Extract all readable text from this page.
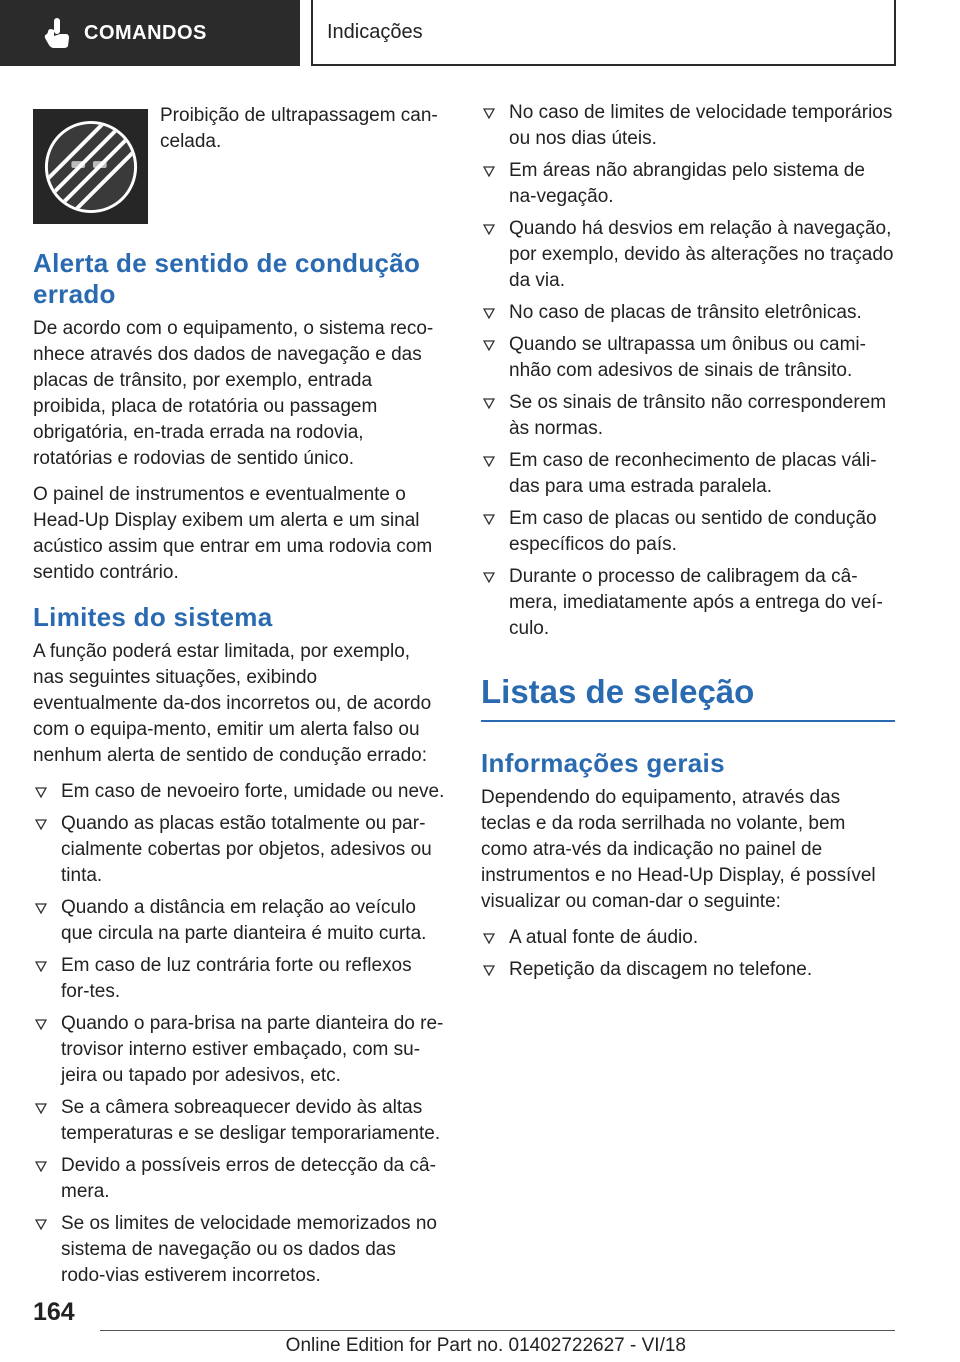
COMANDOS	Indicações
Proibição de ultrapassagem can-celada.
Alerta de sentido de condução errado

De acordo com o equipamento, o sistema reco-nhece através dos dados de navegação e das placas de trânsito, por exemplo, entrada proibida, placa de rotatória ou passagem obrigatória, en-trada errada na rodovia, rotatórias e rodovias de sentido único.

O painel de instrumentos e eventualmente o Head-Up Display exibem um alerta e um sinal acústico assim que entrar em uma rodovia com sentido contrário.

Limites do sistema

A função poderá estar limitada, por exemplo, nas seguintes situações, exibindo eventualmente da-dos incorretos ou, de acordo com o equipa-mento, emitir um alerta falso ou nenhum alerta de sentido de condução errado:

Em caso de nevoeiro forte, umidade ou neve.
Quando as placas estão totalmente ou par-cialmente cobertas por objetos, adesivos ou tinta.
Quando a distância em relação ao veículo que circula na parte dianteira é muito curta.
Em caso de luz contrária forte ou reflexos for-tes.
Quando o para-brisa na parte dianteira do re-trovisor interno estiver embaçado, com su-jeira ou tapado por adesivos, etc.
Se a câmera sobreaquecer devido às altas temperaturas e se desligar temporariamente.
Devido a possíveis erros de detecção da câ-mera.
Se os limites de velocidade memorizados no sistema de navegação ou os dados das rodo-vias estiverem incorretos.
No caso de limites de velocidade temporários ou nos dias úteis.
Em áreas não abrangidas pelo sistema de na-vegação.
Quando há desvios em relação à navegação, por exemplo, devido às alterações no traçado da via.
No caso de placas de trânsito eletrônicas.
Quando se ultrapassa um ônibus ou cami-nhão com adesivos de sinais de trânsito.
Se os sinais de trânsito não corresponderem às normas.
Em caso de reconhecimento de placas váli-das para uma estrada paralela.
Em caso de placas ou sentido de condução específicos do país.
Durante o processo de calibragem da câ-mera, imediatamente após a entrega do veí-culo.
Listas de seleção
Informações gerais

Dependendo do equipamento, através das teclas e da roda serrilhada no volante, bem como atra-vés da indicação no painel de instrumentos e no Head-Up Display, é possível visualizar ou coman-dar o seguinte:

A atual fonte de áudio.
Repetição da discagem no telefone.
164
Online Edition for Part no. 01402722627 - VI/18
